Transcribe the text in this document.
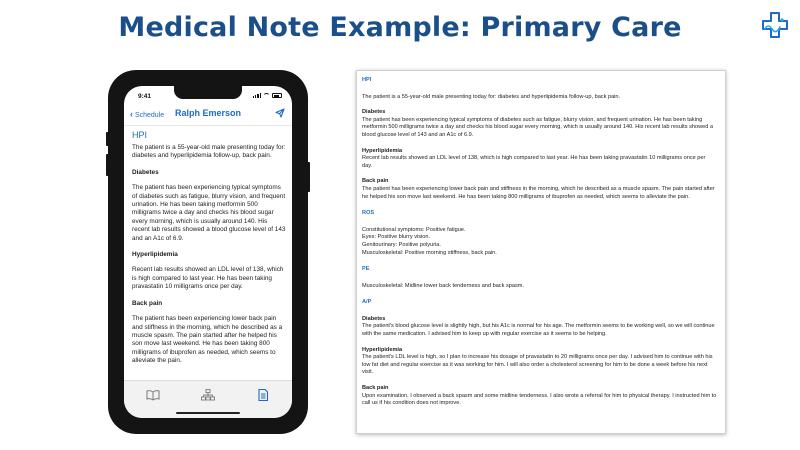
Medical Note Example: Primary Care
9:41
‹ Schedule	Ralph Emerson
HPI

The patient is a 55-year-old male presenting today for: diabetes and hyperlipidemia follow-up, back pain.

Diabetes

The patient has been experiencing typical symptoms of diabetes such as fatigue, blurry vision, and frequent urination. He has been taking metformin 500 milligrams twice a day and checks his blood sugar every morning, which is usually around 140. His recent lab results showed a blood glucose level of 143 and an A1c of 6.9.

Hyperlipidemia

Recent lab results showed an LDL level of 138, which is high compared to last year. He has been taking pravastatin 10 milligrams once per day.

Back pain

The patient has been experiencing lower back pain and stiffness in the morning, which he described as a muscle spasm. The pain started after he helped his son move last weekend. He has been taking 800 milligrams of ibuprofen as needed, which seems to alleviate the pain.

HPI

The patient is a 55-year-old male presenting today for: diabetes and hyperlipidemia follow-up, back pain.

Diabetes

The patient has been experiencing typical symptoms of diabetes such as fatigue, blurry vision, and frequent urination. He has been taking metformin 500 milligrams twice a day and checks his blood sugar every morning, which is usually around 140. His recent lab results showed a blood glucose level of 143 and an A1c of 6.9.

Hyperlipidemia

Recent lab results showed an LDL level of 138, which is high compared to last year. He has been taking pravastatin 10 milligrams once per day.

Back pain

The patient has been experiencing lower back pain and stiffness in the morning, which he described as a muscle spasm. The pain started after he helped his son move last weekend. He has been taking 800 milligrams of ibuprofen as needed, which seems to alleviate the pain.

ROS

Constitutional symptoms: Positive fatigue.

Eyes: Positive blurry vision.

Genitourinary: Positive polyuria.

Musculoskeletal: Positive morning stiffness, back pain.

PE

Musculoskeletal: Midline lower back tenderness and back spasm.

A/P
Diabetes

The patient's blood glucose level is slightly high, but his A1c is normal for his age. The metformin seems to be working well, so we will continue with the same medication. I advised him to keep up with regular exercise as it seems to be helping.

Hyperlipidemia

The patient's LDL level is high, so I plan to increase his dosage of pravastatin to 20 milligrams once per day. I advised him to continue with his low fat diet and regular exercise as it was working for him. I will also order a cholesterol screening for him to be done a week before his next visit.

Back pain

Upon examination, I observed a back spasm and some midline tenderness. I also wrote a referral for him to physical therapy. I instructed him to call us if his condition does not improve.
